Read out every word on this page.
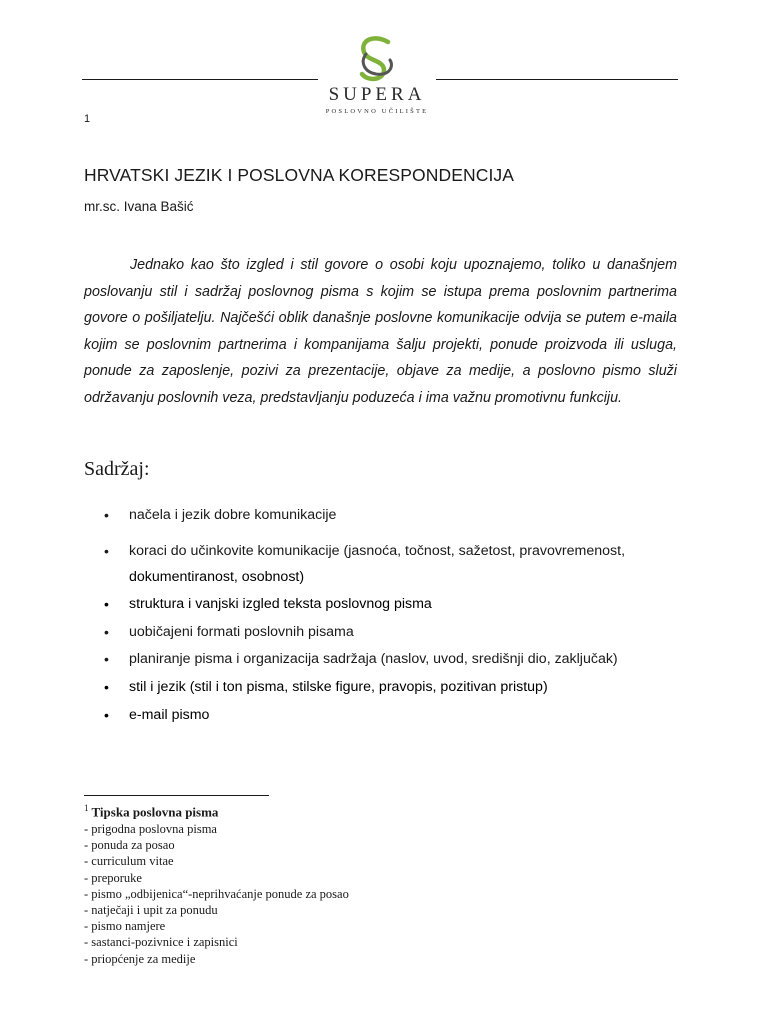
SUPERA
POSLOVNO UČILIŠTE
1
HRVATSKI JEZIK I POSLOVNA KORESPONDENCIJA
mr.sc. Ivana Bašić

Jednako kao što izgled i stil govore o osobi koju upoznajemo, toliko u današnjem poslovanju stil i sadržaj poslovnog pisma s kojim se istupa prema poslovnim partnerima govore o pošiljatelju. Najčešći oblik današnje poslovne komunikacije odvija se putem e-maila kojim se poslovnim partnerima i kompanijama šalju projekti, ponude proizvoda ili usluga, ponude za zaposlenje, pozivi za prezentacije, objave za medije, a poslovno pismo služi održavanju poslovnih veza, predstavljanju poduzeća i ima važnu promotivnu funkciju.

Sadržaj:
• načela i jezik dobre komunikacije
• koraci do učinkovite komunikacije (jasnoća, točnost, sažetost, pravovremenost,
dokumentiranost, osobnost)
• struktura i vanjski izgled teksta poslovnog pisma
• uobičajeni formati poslovnih pisama
• planiranje pisma i organizacija sadržaja (naslov, uvod, središnji dio, zaključak)
• stil i jezik (stil i ton pisma, stilske figure, pravopis, pozitivan pristup)
• e-mail pismo
$^1$ Tipska poslovna pisma
- prigodna poslovna pisma
- ponuda za posao
- curriculum vitae
- preporuke
- pismo „odbijenica“-neprihvaćanje ponude za posao
- natječaji i upit za ponudu
- pismo namjere
- sastanci-pozivnice i zapisnici
- priopćenje za medije
